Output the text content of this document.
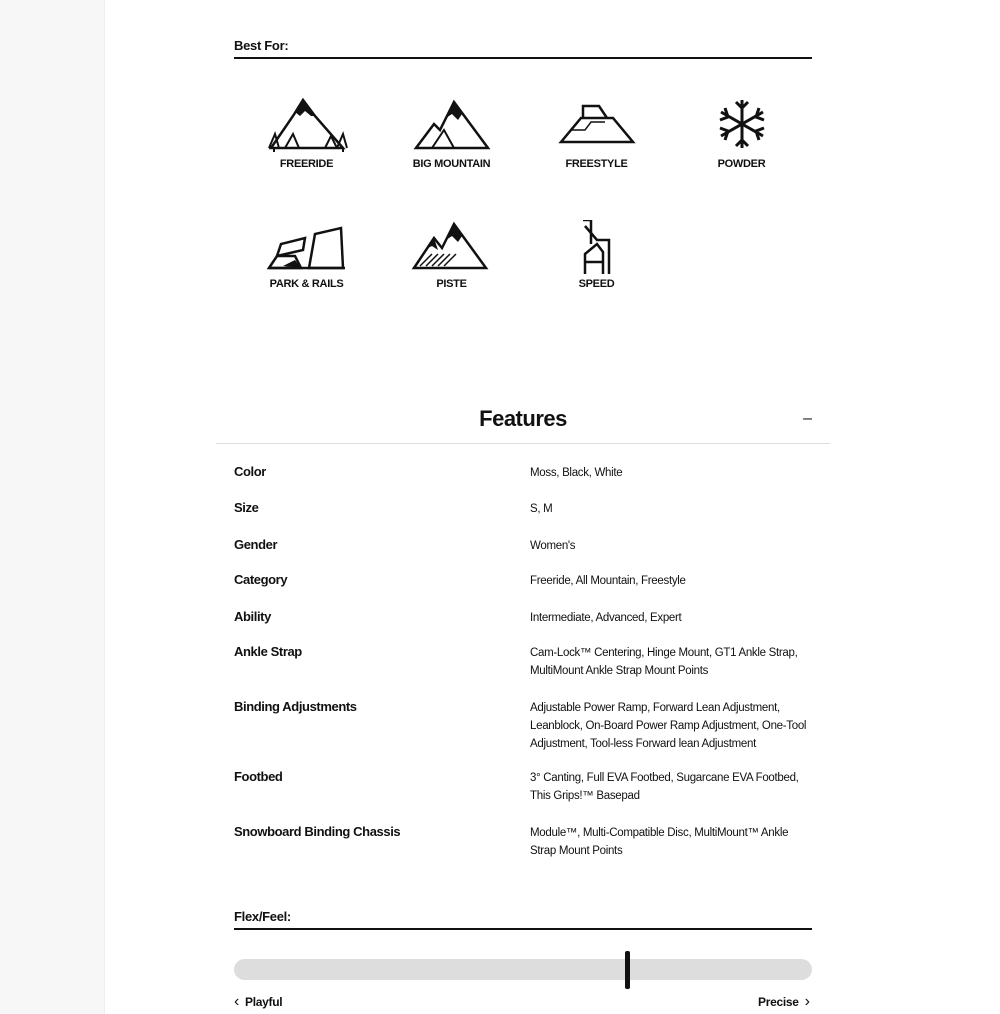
Best For:
FREERIDE	BIG MOUNTAIN	FREESTYLE	POWDER
PARK & RAILS	PISTE	SPEED
Features	–
Color	Moss, Black, White
Size	S, M
Gender	Women's
Category	Freeride, All Mountain, Freestyle
Ability	Intermediate, Advanced, Expert
Ankle Strap	Cam-Lock™ Centering, Hinge Mount, GT1 Ankle Strap, MultiMount Ankle Strap Mount Points
Binding Adjustments	Adjustable Power Ramp, Forward Lean Adjustment, Leanblock, On-Board Power Ramp Adjustment, One-Tool Adjustment, Tool-less Forward lean Adjustment
Footbed	3° Canting, Full EVA Footbed, Sugarcane EVA Footbed, This Grips!™ Basepad
Snowboard Binding Chassis	Module™, Multi-Compatible Disc, MultiMount™ Ankle Strap Mount Points
Flex/Feel:
‹ Playful	Precise ›
